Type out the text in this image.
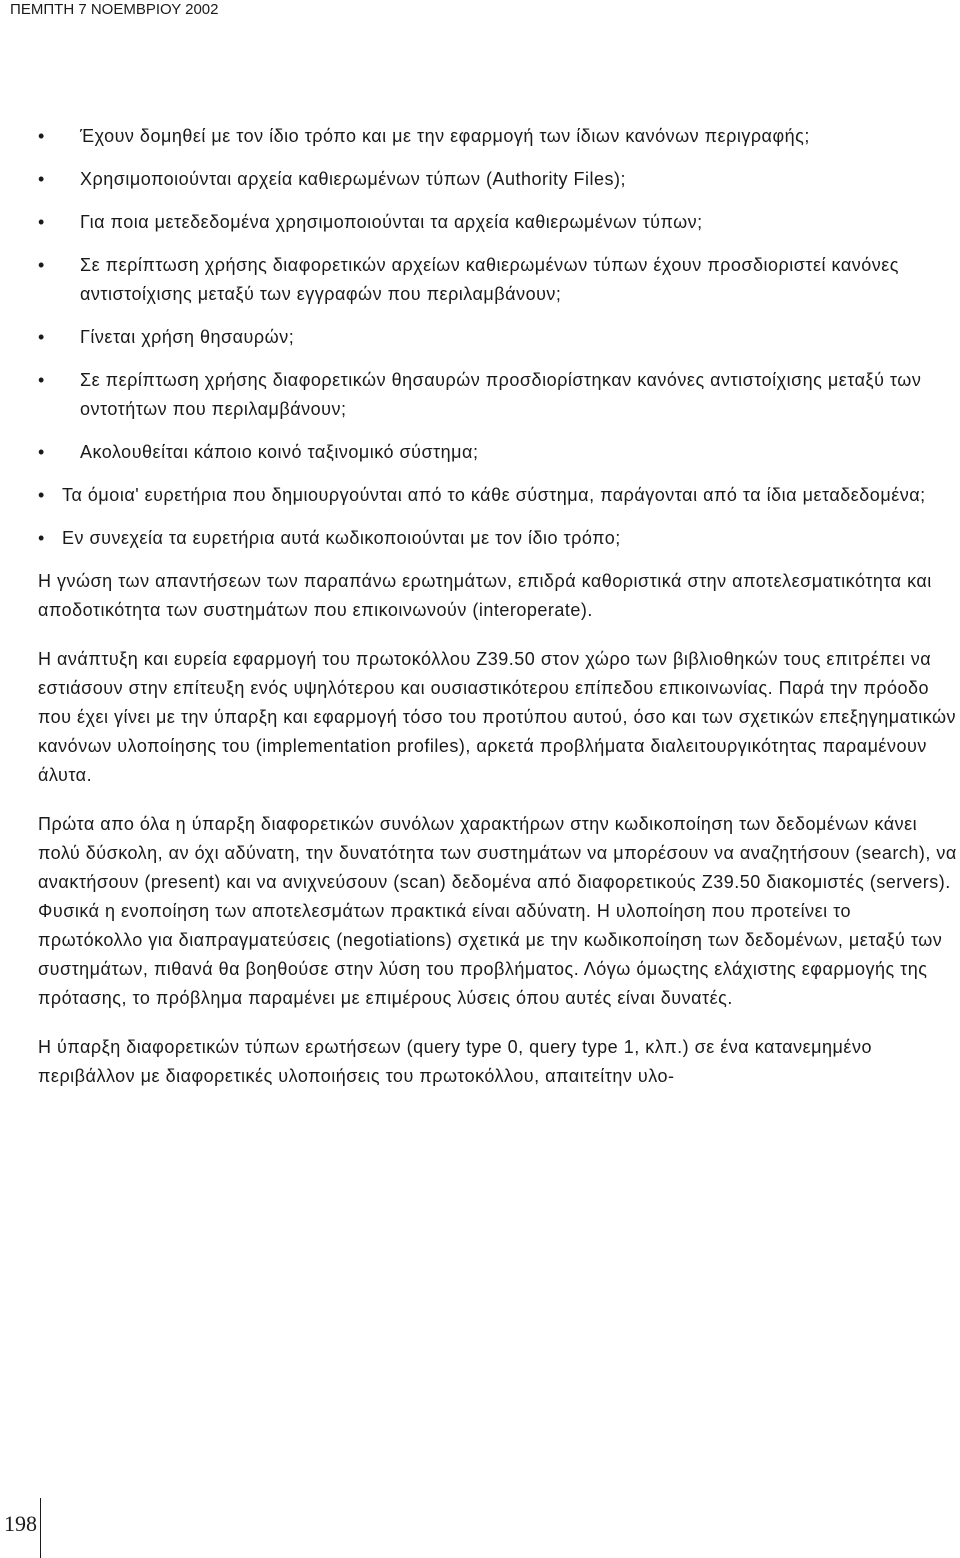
ΠΕΜΠΤΗ 7 ΝΟΕΜΒΡΙΟΥ 2002
• Έχουν δομηθεί με τον ίδιο τρόπο και με την εφαρμογή των ίδιων κανόνων περιγραφής;
• Χρησιμοποιούνται αρχεία καθιερωμένων τύπων (Authority Files);
• Για ποια μετεδεδομένα χρησιμοποιούνται τα αρχεία καθιερωμένων τύπων;
• Σε περίπτωση χρήσης διαφορετικών αρχείων καθιερωμένων τύπων έχουν προσδιοριστεί κανόνες αντιστοίχισης μεταξύ των εγγραφών που περιλαμβάνουν;
• Γίνεται χρήση θησαυρών;
• Σε περίπτωση χρήσης διαφορετικών θησαυρών προσδιορίστηκαν κανόνες αντιστοίχισης μεταξύ των οντοτήτων που περιλαμβάνουν;
• Ακολουθείται κάποιο κοινό ταξινομικό σύστημα;
• Τα όμοια' ευρετήρια που δημιουργούνται από το κάθε σύστημα, παράγονται από τα ίδια μεταδεδομένα;
• Εν συνεχεία τα ευρετήρια αυτά κωδικοποιούνται με τον ίδιο τρόπο;

Η γνώση των απαντήσεων των παραπάνω ερωτημάτων, επιδρά καθοριστικά στην αποτελεσματικότητα και αποδοτικότητα των συστημάτων που επικοινωνούν (interoperate).

Η ανάπτυξη και ευρεία εφαρμογή του πρωτοκόλλου Z39.50 στον χώρο των βιβλιοθηκών τους επιτρέπει να εστιάσουν στην επίτευξη ενός υψηλότερου και ουσιαστικότερου επίπεδου επικοινωνίας. Παρά την πρόοδο που έχει γίνει με την ύπαρξη και εφαρμογή τόσο του προτύπου αυτού, όσο και των σχετικών επεξηγηματικών κανόνων υλοποίησης του (implementation profiles), αρκετά προβλήματα διαλειτουργικότητας παραμένουν άλυτα.

Πρώτα απο όλα η ύπαρξη διαφορετικών συνόλων χαρακτήρων στην κωδικοποίηση των δεδομένων κάνει πολύ δύσκολη, αν όχι αδύνατη, την δυνατότητα των συστημάτων να μπορέσουν να αναζητήσουν (search), να ανακτήσουν (present) και να ανιχνεύσουν (scan) δεδομένα από διαφορετικούς Z39.50 διακομιστές (servers). Φυσικά η ενοποίηση των αποτελεσμάτων πρακτικά είναι αδύνατη. Η υλοποίηση που προτείνει το πρωτόκολλο για διαπραγματεύσεις (negotiations) σχετικά με την κωδικοποίηση των δεδομένων, μεταξύ των συστημάτων, πιθανά θα βοηθούσε στην λύση του προβλήματος. Λόγω όμωςτης ελάχιστης εφαρμογής της πρότασης, το πρόβλημα παραμένει με επιμέρους λύσεις όπου αυτές είναι δυνατές.

Η ύπαρξη διαφορετικών τύπων ερωτήσεων (query type 0, query type 1, κλπ.) σε ένα κατανεμημένο περιβάλλον με διαφορετικές υλοποιήσεις του πρωτοκόλλου, απαιτείτην υλο-

198
